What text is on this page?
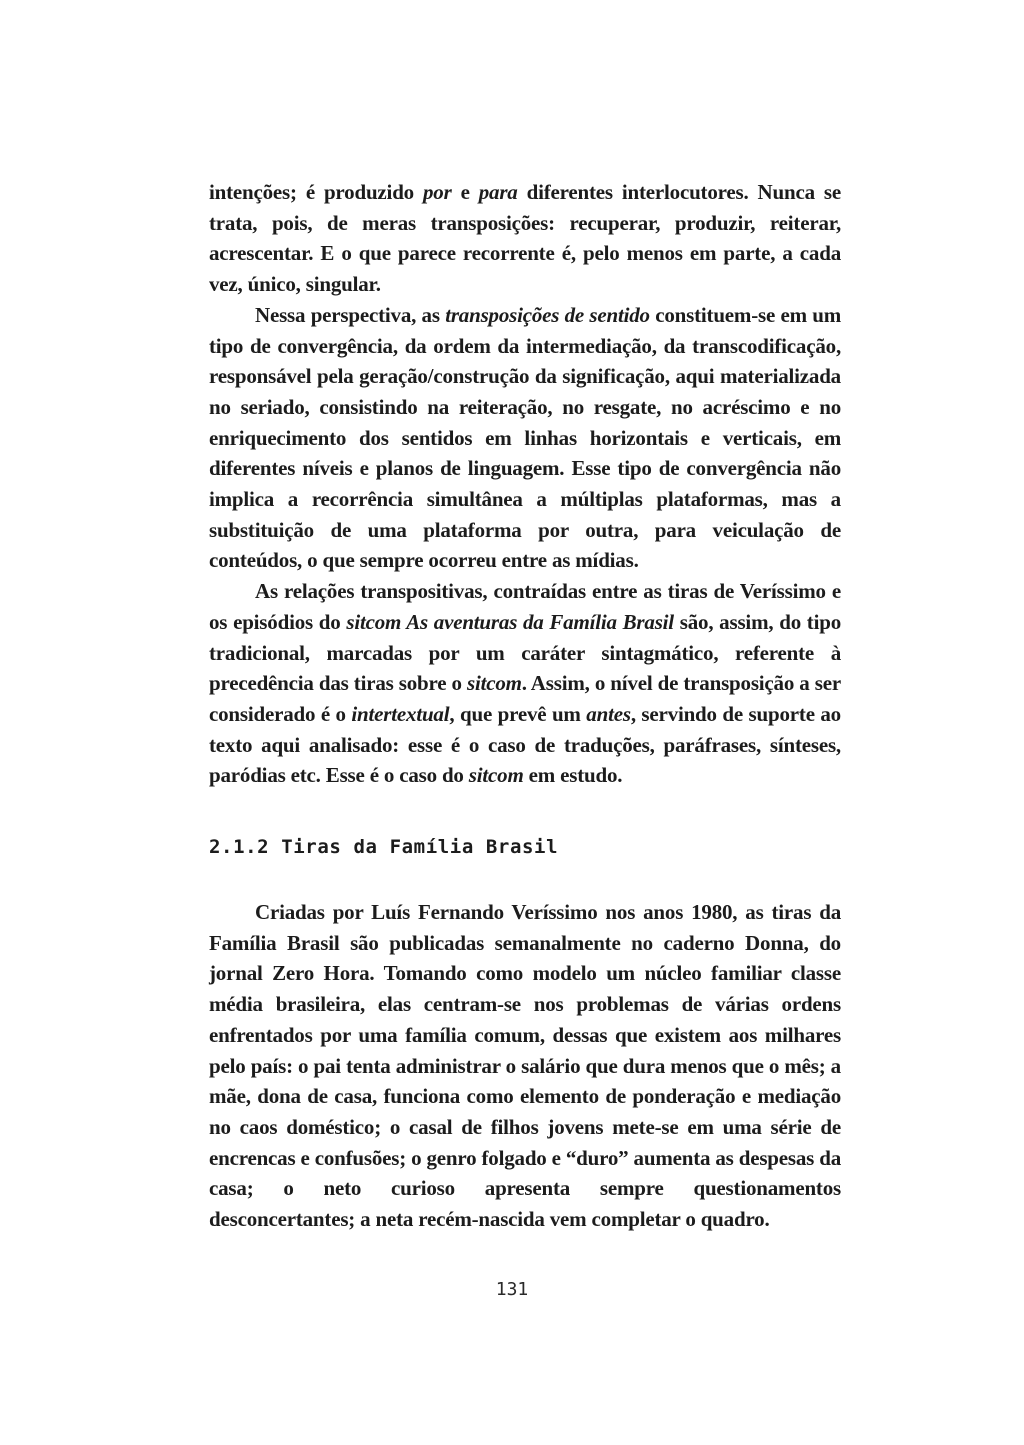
intenções; é produzido por e para diferentes interlocutores. Nunca se trata, pois, de meras transposições: recuperar, produzir, reiterar, acrescentar. E o que parece recorrente é, pelo menos em parte, a cada vez, único, singular.

Nessa perspectiva, as transposições de sentido constituem-se em um tipo de convergência, da ordem da intermediação, da transcodificação, responsável pela geração/construção da significação, aqui materializada no seriado, consistindo na reiteração, no resgate, no acréscimo e no enriquecimento dos sentidos em linhas horizontais e verticais, em diferentes níveis e planos de linguagem. Esse tipo de convergência não implica a recorrência simultânea a múltiplas plataformas, mas a substituição de uma plataforma por outra, para veiculação de conteúdos, o que sempre ocorreu entre as mídias.

As relações transpositivas, contraídas entre as tiras de Veríssimo e os episódios do sitcom As aventuras da Família Brasil são, assim, do tipo tradicional, marcadas por um caráter sintagmático, referente à precedência das tiras sobre o sitcom. Assim, o nível de transposição a ser considerado é o intertextual, que prevê um antes, servindo de suporte ao texto aqui analisado: esse é o caso de traduções, paráfrases, sínteses, paródias etc. Esse é o caso do sitcom em estudo.

2.1.2 Tiras da Família Brasil

Criadas por Luís Fernando Veríssimo nos anos 1980, as tiras da Família Brasil são publicadas semanalmente no caderno Donna, do jornal Zero Hora. Tomando como modelo um núcleo familiar classe média brasileira, elas centram-se nos problemas de várias ordens enfrentados por uma família comum, dessas que existem aos milhares pelo país: o pai tenta administrar o salário que dura menos que o mês; a mãe, dona de casa, funciona como elemento de ponderação e mediação no caos doméstico; o casal de filhos jovens mete-se em uma série de encrencas e confusões; o genro folgado e “duro” aumenta as despesas da casa; o neto curioso apresenta sempre questionamentos desconcertantes; a neta recém-nascida vem completar o quadro.

131
